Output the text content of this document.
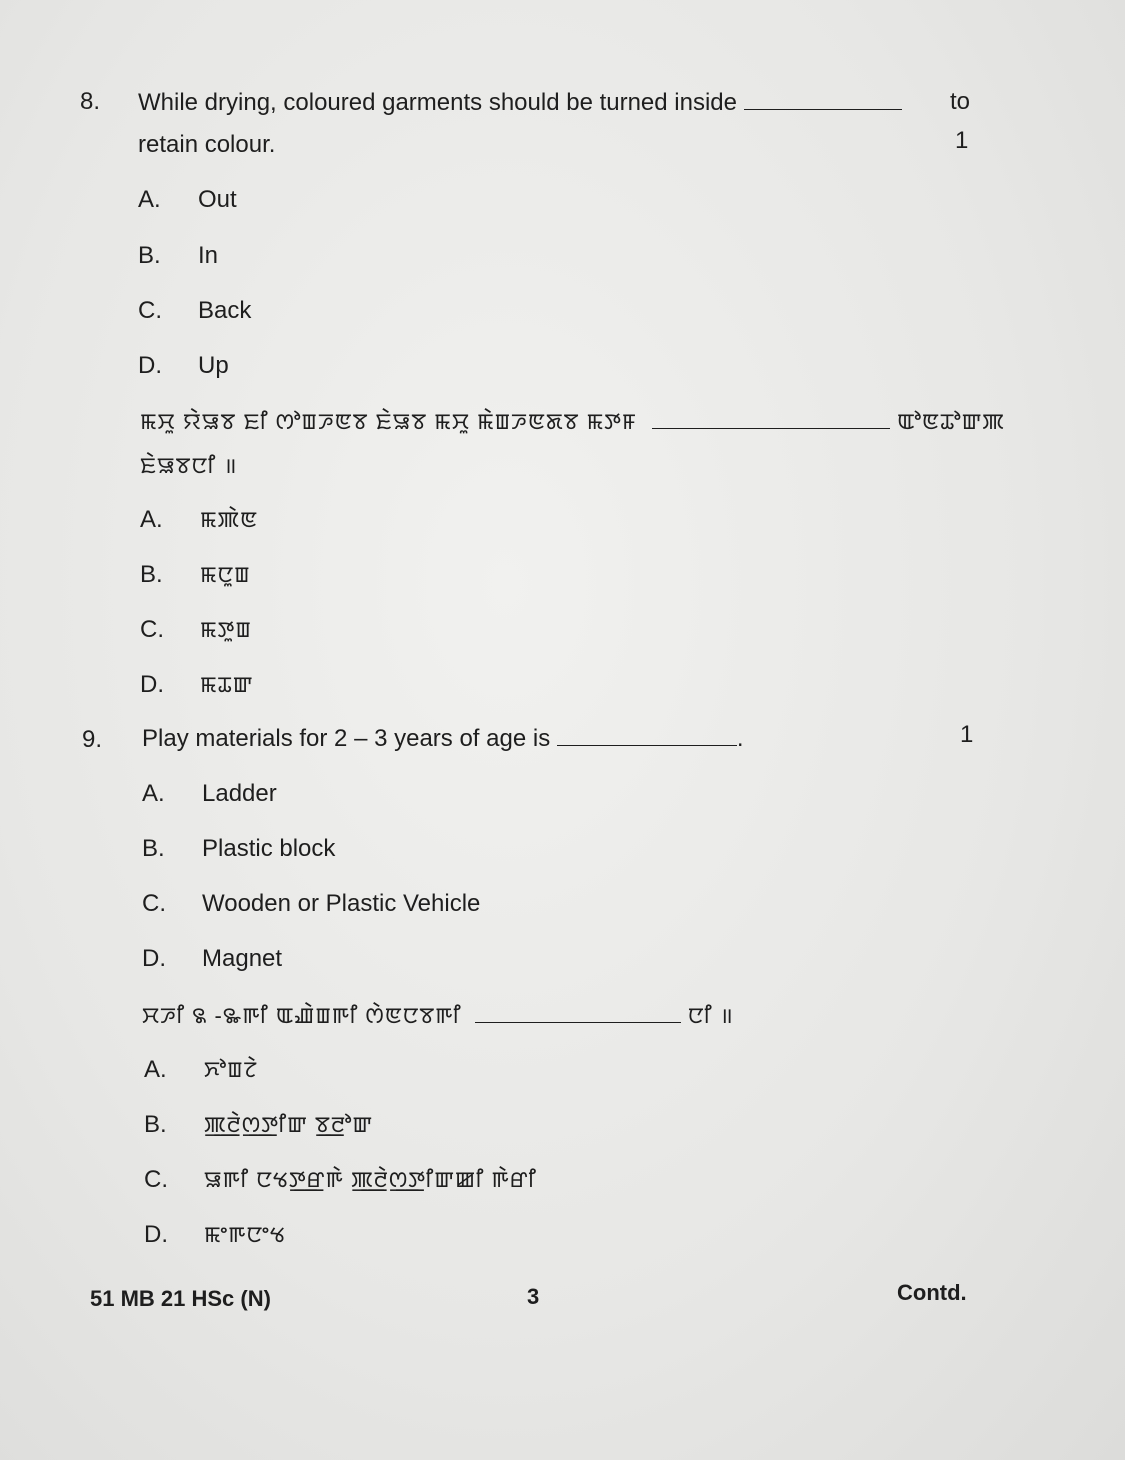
8. While drying, coloured garments should be turned inside	to
retain colour.	1
A. Out
B. In
C. Back
D. Up
ꯃꯆꯨ ꯌꯥꯎꯕ ꯐꯤ ꯁꯣꯡꯍꯟꯕ ꯐꯥꯎꯕ ꯃꯆꯨ ꯃꯥꯡꯍꯟꯗꯕ ꯃꯇꯝ	ꯑꯣꯟꯊꯣꯛꯄ
ꯐꯥꯎꯕꯅꯤ ॥
A. ꯃꯄꯥꯟ
B. ꯃꯅꯨꯡ
C. ꯃꯇꯨꯡ
D. ꯃꯊꯛ
9. Play materials for 2 – 3 years of age is	.	1
A. Ladder
B. Plastic block
C. Wooden or Plastic Vehicle
D. Magnet
ꯆꯍꯤ ꯲ -꯳ꯒꯤ ꯑꯉꯥꯡꯒꯤ ꯁꯥꯟꯅꯕꯒꯤ	ꯅꯤ ॥
A. ꯈꯣꯡꯖꯥ
B. ꯄ꯭ꯂꯥꯁ꯭ꯇꯤꯛ ꯕ꯭ꯂꯣꯛ
C. ꯎꯒꯤ ꯅꯠꯇ꯭ꯔꯒꯥ ꯄ꯭ꯂꯥꯁ꯭ꯇꯤꯛꯀꯤ ꯒꯥꯔꯤ
D. ꯃꯦꯒꯅꯦꯠ
51 MB 21 HSc (N)	3	Contd.
